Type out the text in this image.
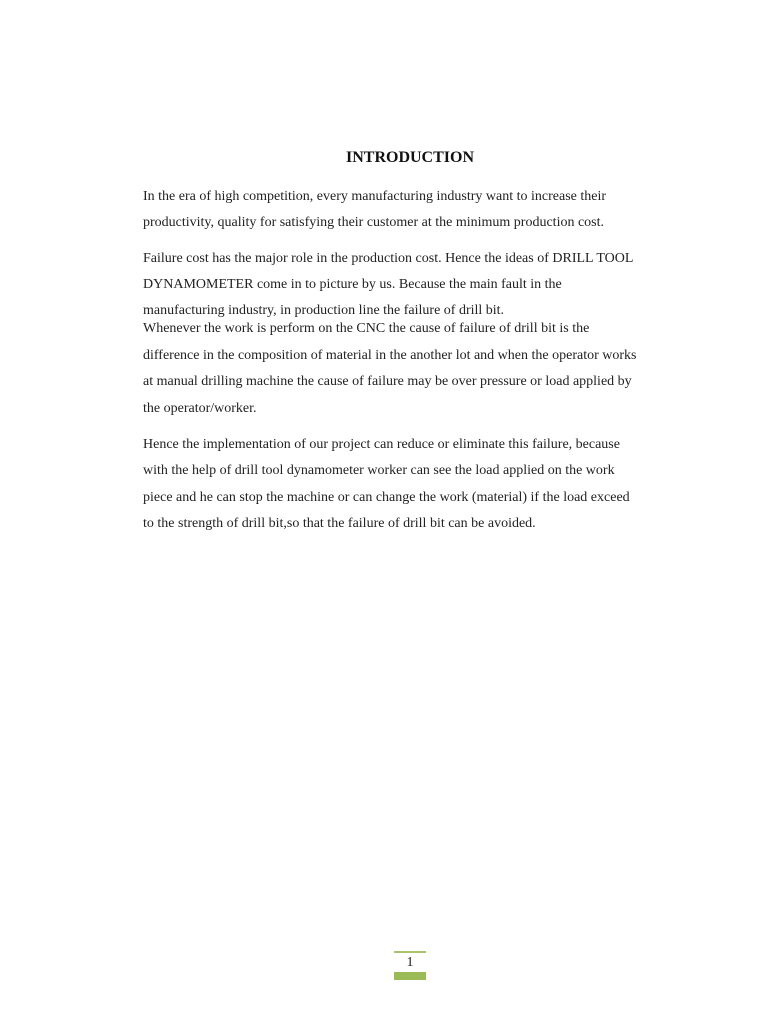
INTRODUCTION
In the era of high competition, every manufacturing industry want to increase their
productivity, quality for satisfying their customer at the minimum production cost.
Failure cost has the major role in the production cost. Hence the ideas of DRILL TOOL
DYNAMOMETER come in to picture by us. Because the main fault in the
manufacturing industry, in production line the failure of drill bit.
Whenever the work is perform on the CNC the cause of failure of drill bit is the
difference in the composition of material in the another lot and when the operator works
at manual drilling machine the cause of failure may be over pressure or load applied by
the operator/worker.
Hence the implementation of our project can reduce or eliminate this failure, because
with the help of drill tool dynamometer worker can see the load applied on the work
piece and he can stop the machine or can change the work (material) if the load exceed
to the strength of drill bit,so that the failure of drill bit can be avoided.
1
